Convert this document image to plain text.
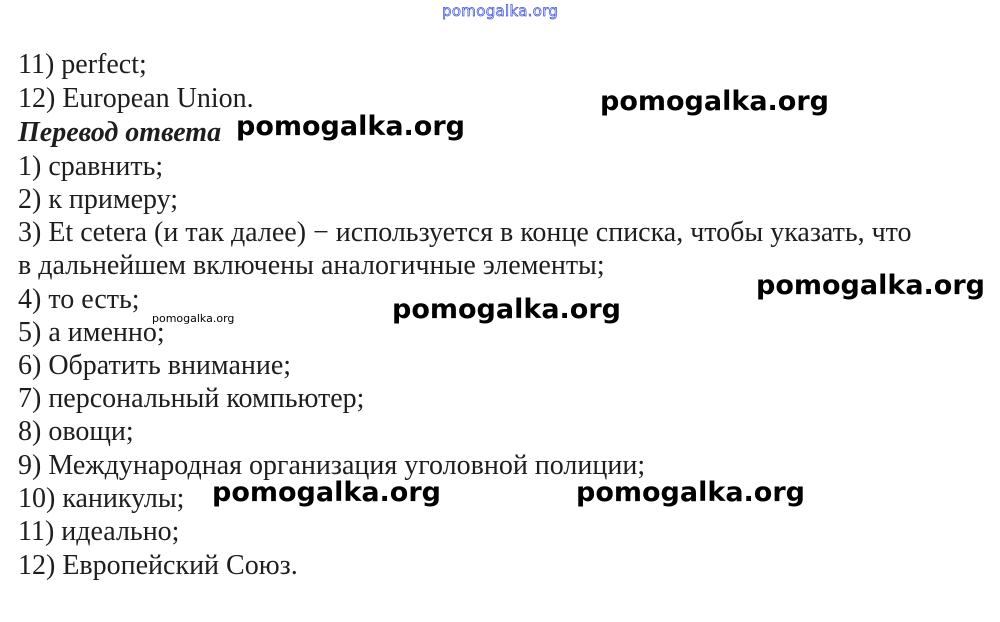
pomogalka.org
11) perfect;
12) European Union.
Перевод ответа
1) сравнить;
2) к примеру;
3) Et cetera (и так далее) − используется в конце списка, чтобы указать, что
в дальнейшем включены аналогичные элементы;
4) то есть;
5) а именно;
6) Обратить внимание;
7) персональный компьютер;
8) овощи;
9) Международная организация уголовной полиции;
10) каникулы;
11) идеально;
12) Европейский Союз.
pomogalka.org
pomogalka.org
pomogalka.org
pomogalka.org
pomogalka.org
pomogalka.org	pomogalka.org
